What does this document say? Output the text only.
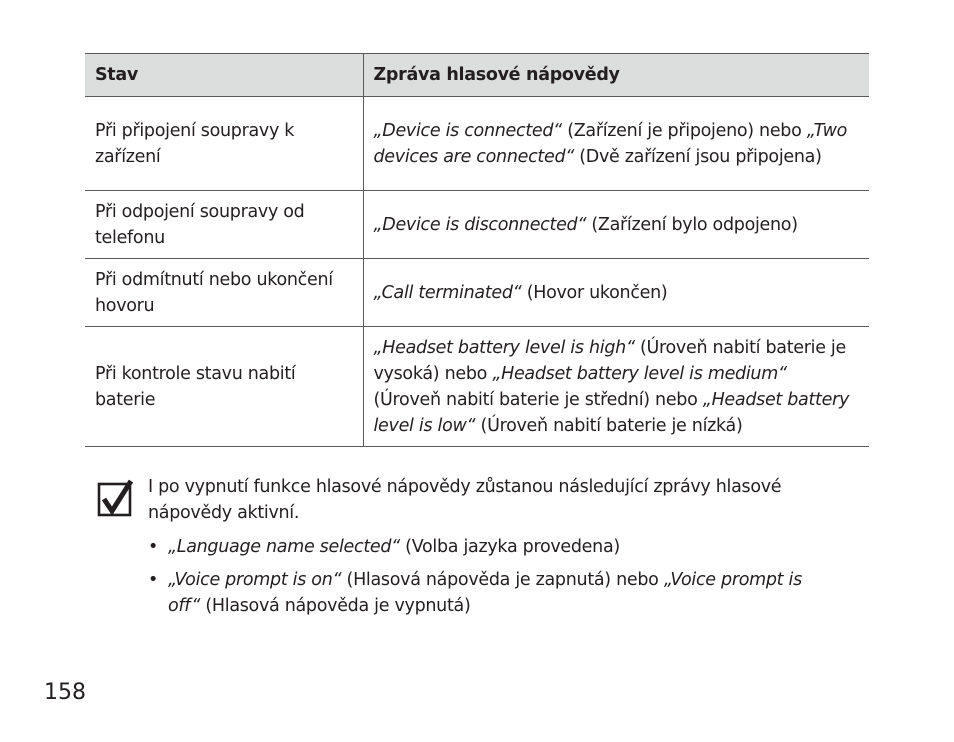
Stav	Zpráva hlasové nápovědy
Při připojení soupravy k zařízení	„Device is connected“ (Zařízení je připojeno) nebo „Two devices are connected“ (Dvě zařízení jsou připojena)
Při odpojení soupravy od telefonu	„Device is disconnected“ (Zařízení bylo odpojeno)
Při odmítnutí nebo ukončení hovoru	„Call terminated“ (Hovor ukončen)
Při kontrole stavu nabití baterie	„Headset battery level is high“ (Úroveň nabití baterie je vysoká) nebo „Headset battery level is medium“ (Úroveň nabití baterie je střední) nebo „Headset battery level is low“ (Úroveň nabití baterie je nízká)
I po vypnutí funkce hlasové nápovědy zůstanou následující zprávy hlasové nápovědy aktivní.
• „Language name selected“ (Volba jazyka provedena)
• „Voice prompt is on“ (Hlasová nápověda je zapnutá) nebo „Voice prompt is off“ (Hlasová nápověda je vypnutá)
158
